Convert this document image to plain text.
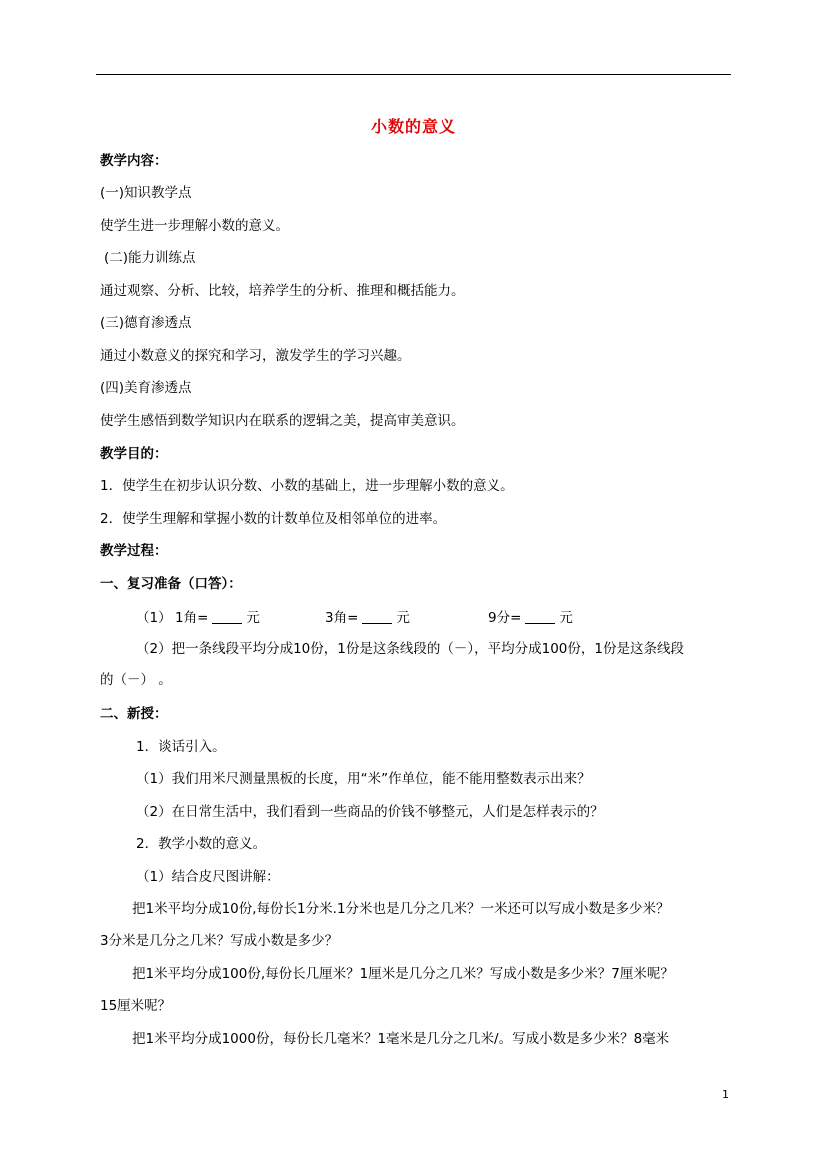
小数的意义
教学内容：
(一)知识教学点
使学生进一步理解小数的意义。
(二)能力训练点
通过观察、分析、比较，培养学生的分析、推理和概括能力。
(三)德育渗透点
通过小数意义的探究和学习，激发学生的学习兴趣。
(四)美育渗透点
使学生感悟到数学知识内在联系的逻辑之美，提高审美意识。
教学目的：
1．使学生在初步认识分数、小数的基础上，进一步理解小数的意义。
2．使学生理解和掌握小数的计数单位及相邻单位的进率。
教学过程：
一、复习准备（口答）：
（1） 1角=	元	3角=	元	9分=	元
（2）把一条线段平均分成10份，1份是这条线段的（－），平均分成100份，1份是这条线段
的（－） 。
二、新授：
1．谈话引入。
（1）我们用米尺测量黑板的长度，用“米”作单位，能不能用整数表示出来？
（2）在日常生活中，我们看到一些商品的价钱不够整元，人们是怎样表示的？
2．教学小数的意义。
（1）结合皮尺图讲解：
把1米平均分成10份,每份长1分米.1分米也是几分之几米？一米还可以写成小数是多少米？
3分米是几分之几米？写成小数是多少？
把1米平均分成100份,每份长几厘米？1厘米是几分之几米？写成小数是多少米？7厘米呢？
15厘米呢？
把1米平均分成1000份，每份长几毫米？1毫米是几分之几米/。写成小数是多少米？8毫米
1
